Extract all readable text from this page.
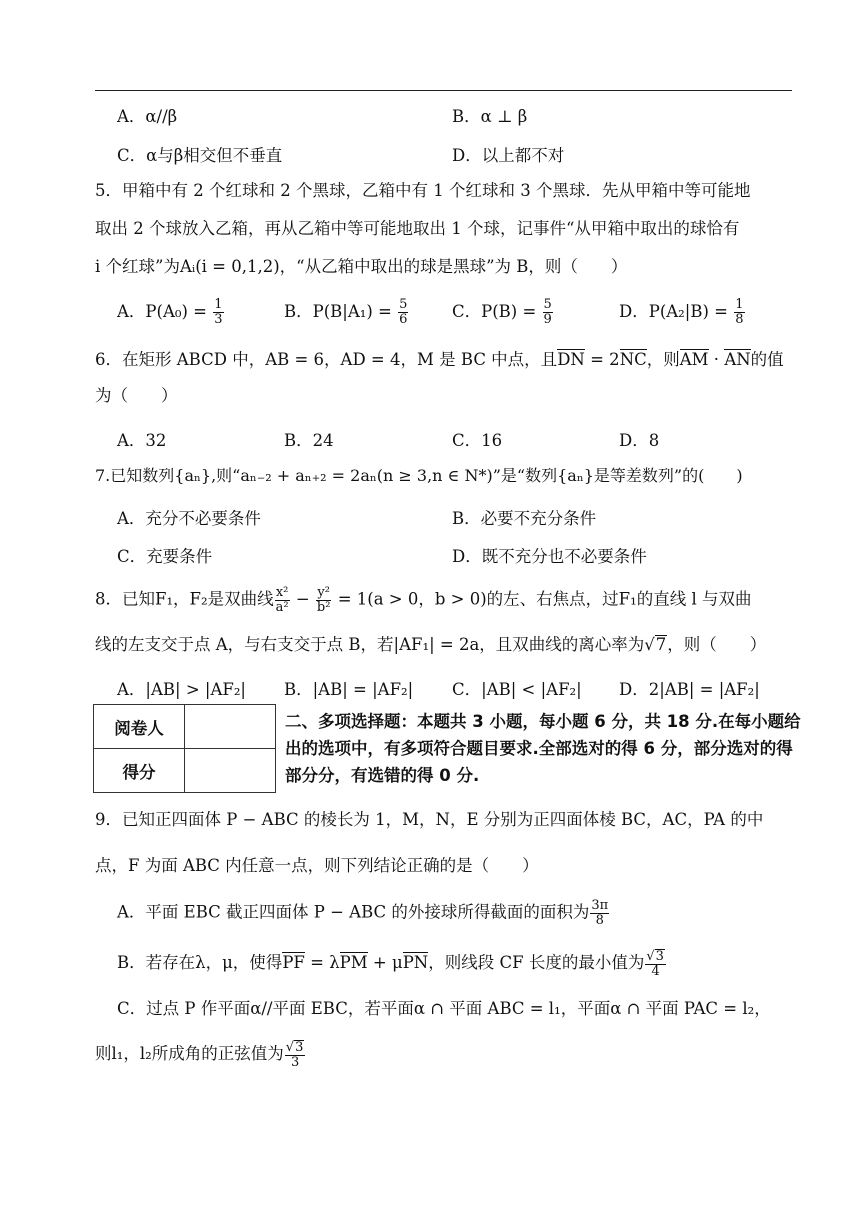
A．α//β	B．α ⊥ β
C．α与β相交但不垂直	D．以上都不对
5．甲箱中有 2 个红球和 2 个黑球，乙箱中有 1 个红球和 3 个黑球．先从甲箱中等可能地
取出 2 个球放入乙箱，再从乙箱中等可能地取出 1 个球，记事件“从甲箱中取出的球恰有
i 个红球”为Aᵢ(i = 0,1,2)，“从乙箱中取出的球是黑球”为 B，则（　　）
A．$P(A_0) = \frac{1}{3}$	B．$P(B|A_1) = \frac{5}{6}$	C．$P(B) = \frac{5}{9}$	D．$P(A_2|B) = \frac{1}{8}$
6．在矩形 ABCD 中，AB = 6，AD = 4，M 是 BC 中点，且DN = 2NC，则AM · AN的值
为（　　）
A．32	B．24	C．16	D．8
7.已知数列{aₙ},则“aₙ₋₂ + aₙ₊₂ = 2aₙ(n ≥ 3,n ∈ N*)”是“数列{aₙ}是等差数列”的(　　)
A．充分不必要条件	B．必要不充分条件
C．充要条件	D．既不充分也不必要条件
8．已知F₁，F₂是双曲线 $\frac{\text{x²}}{\text{a²}} - \frac{\text{y²}}{\text{b²}} = 1(a > 0$，b > 0)的左、右焦点，过F₁的直线 l 与双曲
线的左支交于点 A，与右支交于点 B，若|AF₁| = 2a，且双曲线的离心率为√7，则（　　）
A．|AB| > |AF₂| B．|AB| = |AF₂| C．|AB| < |AF₂| D．2|AB| = |AF₂|
阅卷人	
得分	
二、多项选择题：本题共 3 小题，每小题 6 分，共 18 分.在每小题给出的选项中，有多项符合题目要求.全部选对的得 6 分，部分选对的得部分分，有选错的得 0 分.
9．已知正四面体 P − ABC 的棱长为 1，M，N，E 分别为正四面体棱 BC，AC，PA 的中
点，F 为面 ABC 内任意一点，则下列结论正确的是（　　）
A．平面 EBC 截正四面体 P − ABC 的外接球所得截面的面积为 $\frac{3\pi}{8}$
B．若存在λ，μ，使得PF = λPM + μPN，则线段 CF 长度的最小值为 $\frac{√3}{4}$
C．过点 P 作平面α//平面 EBC，若平面α ∩ 平面 ABC = l₁，平面α ∩ 平面 PAC = l₂，
则l₁，l₂所成角的正弦值为 $\frac{√3}{3}$
